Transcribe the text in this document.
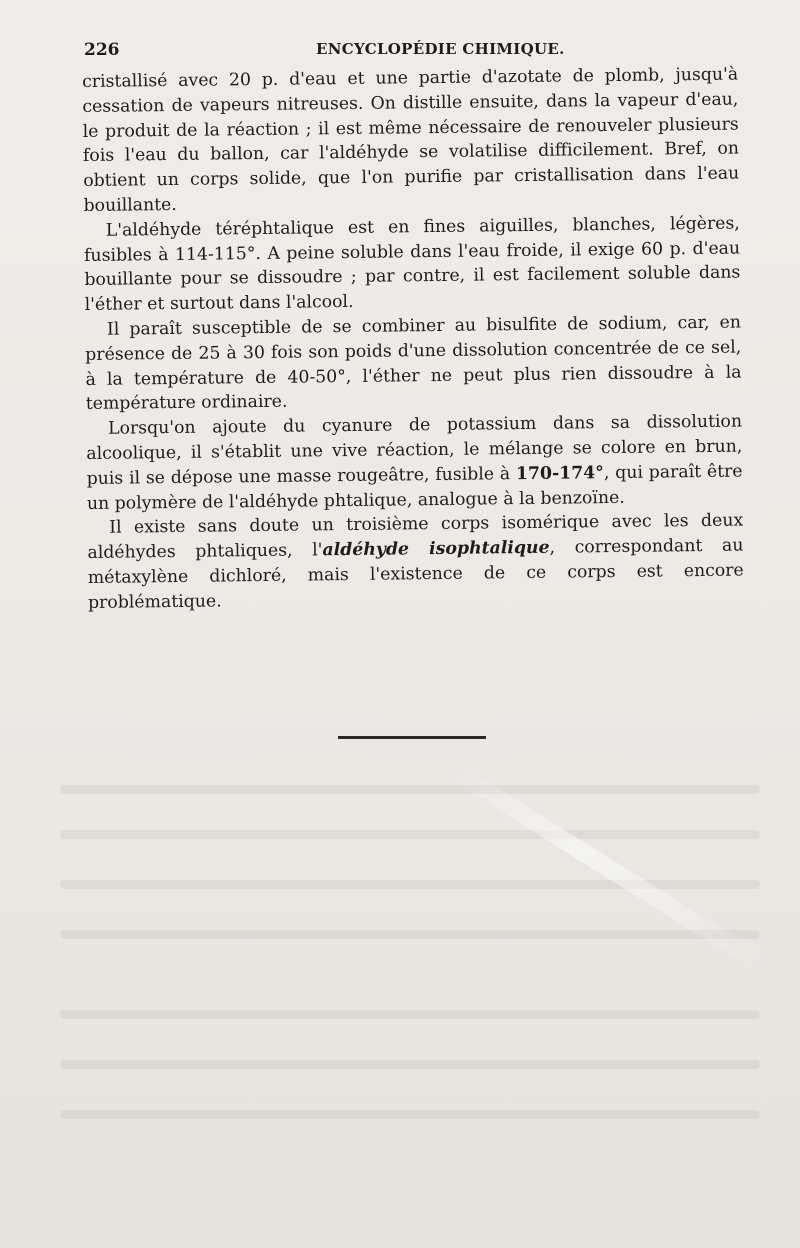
226	ENCYCLOPÉDIE CHIMIQUE.

cristallisé avec 20 p. d'eau et une partie d'azotate de plomb, jusqu'à cessation de vapeurs nitreuses. On distille ensuite, dans la vapeur d'eau, le produit de la réaction ; il est même nécessaire de renouveler plusieurs fois l'eau du ballon, car l'aldéhyde se volatilise difficilement. Bref, on obtient un corps solide, que l'on purifie par cristallisation dans l'eau bouillante.

L'aldéhyde téréphtalique est en fines aiguilles, blanches, légères, fusibles à 114-115°. A peine soluble dans l'eau froide, il exige 60 p. d'eau bouillante pour se dissoudre ; par contre, il est facilement soluble dans l'éther et surtout dans l'alcool.

Il paraît susceptible de se combiner au bisulfite de sodium, car, en présence de 25 à 30 fois son poids d'une dissolution concentrée de ce sel, à la température de 40-50°, l'éther ne peut plus rien dissoudre à la température ordinaire.

Lorsqu'on ajoute du cyanure de potassium dans sa dissolution alcoolique, il s'établit une vive réaction, le mélange se colore en brun, puis il se dépose une masse rougeâtre, fusible à 170-174°, qui paraît être un polymère de l'aldéhyde phtalique, analogue à la benzoïne.

Il existe sans doute un troisième corps isomérique avec les deux aldéhydes phtaliques, l'aldéhyde isophtalique, correspondant au métaxylène dichloré, mais l'existence de ce corps est encore problématique.
